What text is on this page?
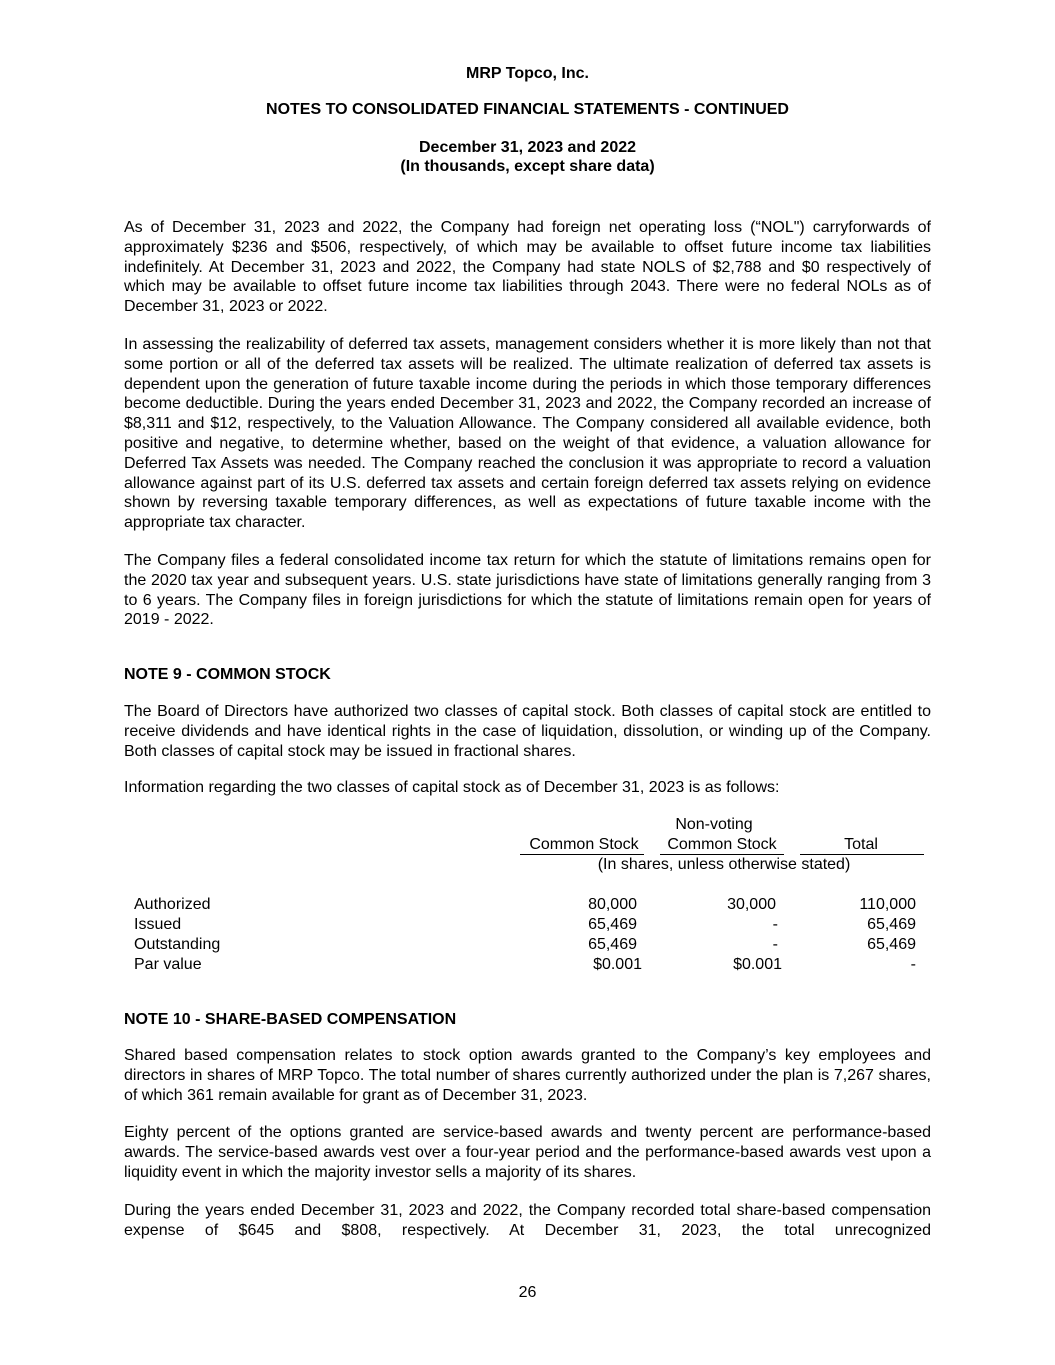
MRP Topco, Inc.
NOTES TO CONSOLIDATED FINANCIAL STATEMENTS - CONTINUED
December 31, 2023 and 2022
(In thousands, except share data)

As of December 31, 2023 and 2022, the Company had foreign net operating loss (“NOL") carryforwards of approximately $236 and $506, respectively, of which may be available to offset future income tax liabilities indefinitely. At December 31, 2023 and 2022, the Company had state NOLS of $2,788 and $0 respectively of which may be available to offset future income tax liabilities through 2043. There were no federal NOLs as of December 31, 2023 or 2022.

In assessing the realizability of deferred tax assets, management considers whether it is more likely than not that some portion or all of the deferred tax assets will be realized. The ultimate realization of deferred tax assets is dependent upon the generation of future taxable income during the periods in which those temporary differences become deductible. During the years ended December 31, 2023 and 2022, the Company recorded an increase of $8,311 and $12, respectively, to the Valuation Allowance. The Company considered all available evidence, both positive and negative, to determine whether, based on the weight of that evidence, a valuation allowance for Deferred Tax Assets was needed. The Company reached the conclusion it was appropriate to record a valuation allowance against part of its U.S. deferred tax assets and certain foreign deferred tax assets relying on evidence shown by reversing taxable temporary differences, as well as expectations of future taxable income with the appropriate tax character.

The Company files a federal consolidated income tax return for which the statute of limitations remains open for the 2020 tax year and subsequent years. U.S. state jurisdictions have state of limitations generally ranging from 3 to 6 years. The Company files in foreign jurisdictions for which the statute of limitations remain open for years of 2019 - 2022.

NOTE 9 - COMMON STOCK

The Board of Directors have authorized two classes of capital stock. Both classes of capital stock are entitled to receive dividends and have identical rights in the case of liquidation, dissolution, or winding up of the Company. Both classes of capital stock may be issued in fractional shares.

Information regarding the two classes of capital stock as of December 31, 2023 is as follows:

Non-voting
Common Stock	Common Stock	Total
(In shares, unless otherwise stated)
Authorized	80,000	30,000	110,000
Issued	65,469	-	65,469
Outstanding	65,469	-	65,469
Par value	$0.001	$0.001	-
NOTE 10 - SHARE-BASED COMPENSATION

Shared based compensation relates to stock option awards granted to the Company’s key employees and directors in shares of MRP Topco. The total number of shares currently authorized under the plan is 7,267 shares, of which 361 remain available for grant as of December 31, 2023.

Eighty percent of the options granted are service-based awards and twenty percent are performance-based awards. The service-based awards vest over a four-year period and the performance-based awards vest upon a liquidity event in which the majority investor sells a majority of its shares.

During the years ended December 31, 2023 and 2022, the Company recorded total share-based compensation expense of $645 and $808, respectively. At December 31, 2023, the total unrecognized

26
